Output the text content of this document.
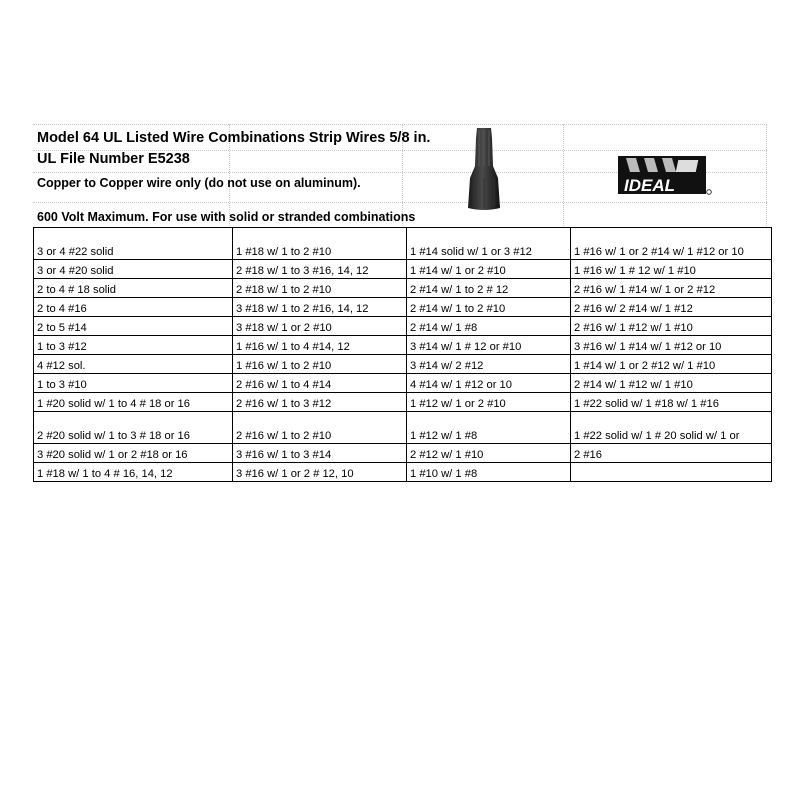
Model 64 UL Listed Wire Combinations Strip Wires 5/8 in.
UL File Number E5238
Copper to Copper wire only (do not use on aluminum).
600 Volt Maximum. For use with solid or stranded combinations
IDEAL
3 or 4 #22 solid	1 #18 w/ 1 to 2 #10	1 #14 solid w/ 1 or 3 #12	1 #16 w/ 1 or 2 #14 w/ 1 #12 or 10
3 or 4 #20 solid	2 #18 w/ 1 to 3 #16, 14, 12	1 #14 w/ 1 or 2 #10	1 #16 w/ 1 # 12 w/ 1 #10
2 to 4 # 18 solid	2 #18 w/ 1 to 2 #10	2 #14 w/ 1 to 2 # 12	2 #16 w/ 1 #14 w/ 1 or 2 #12
2 to 4 #16	3 #18 w/ 1 to 2 #16, 14, 12	2 #14 w/ 1 to 2 #10	2 #16 w/ 2 #14 w/ 1 #12
2 to 5 #14	3 #18 w/ 1 or 2 #10	2 #14 w/ 1 #8	2 #16 w/ 1 #12 w/ 1 #10
1 to 3 #12	1 #16 w/ 1 to 4 #14, 12	3 #14 w/ 1 # 12 or #10	3 #16 w/ 1 #14 w/ 1 #12 or 10
4 #12 sol.	1 #16 w/ 1 to 2 #10	3 #14 w/ 2 #12	1 #14 w/ 1 or 2 #12 w/ 1 #10
1 to 3 #10	2 #16 w/ 1 to 4 #14	4 #14 w/ 1 #12 or 10	2 #14 w/ 1 #12 w/ 1 #10
1 #20 solid w/ 1 to 4 # 18 or 16	2 #16 w/ 1 to 3 #12	1 #12 w/ 1 or 2 #10	1 #22 solid w/ 1 #18 w/ 1 #16
2 #20 solid w/ 1 to 3 # 18 or 16	2 #16 w/ 1 to 2 #10	1 #12 w/ 1 #8	1 #22 solid w/ 1 # 20 solid w/ 1 or
3 #20 solid w/ 1 or 2 #18 or 16	3 #16 w/ 1 to 3 #14	2 #12 w/ 1 #10	2 #16
1 #18 w/ 1 to 4 # 16, 14, 12	3 #16 w/ 1 or 2 # 12, 10	1 #10 w/ 1 #8	
